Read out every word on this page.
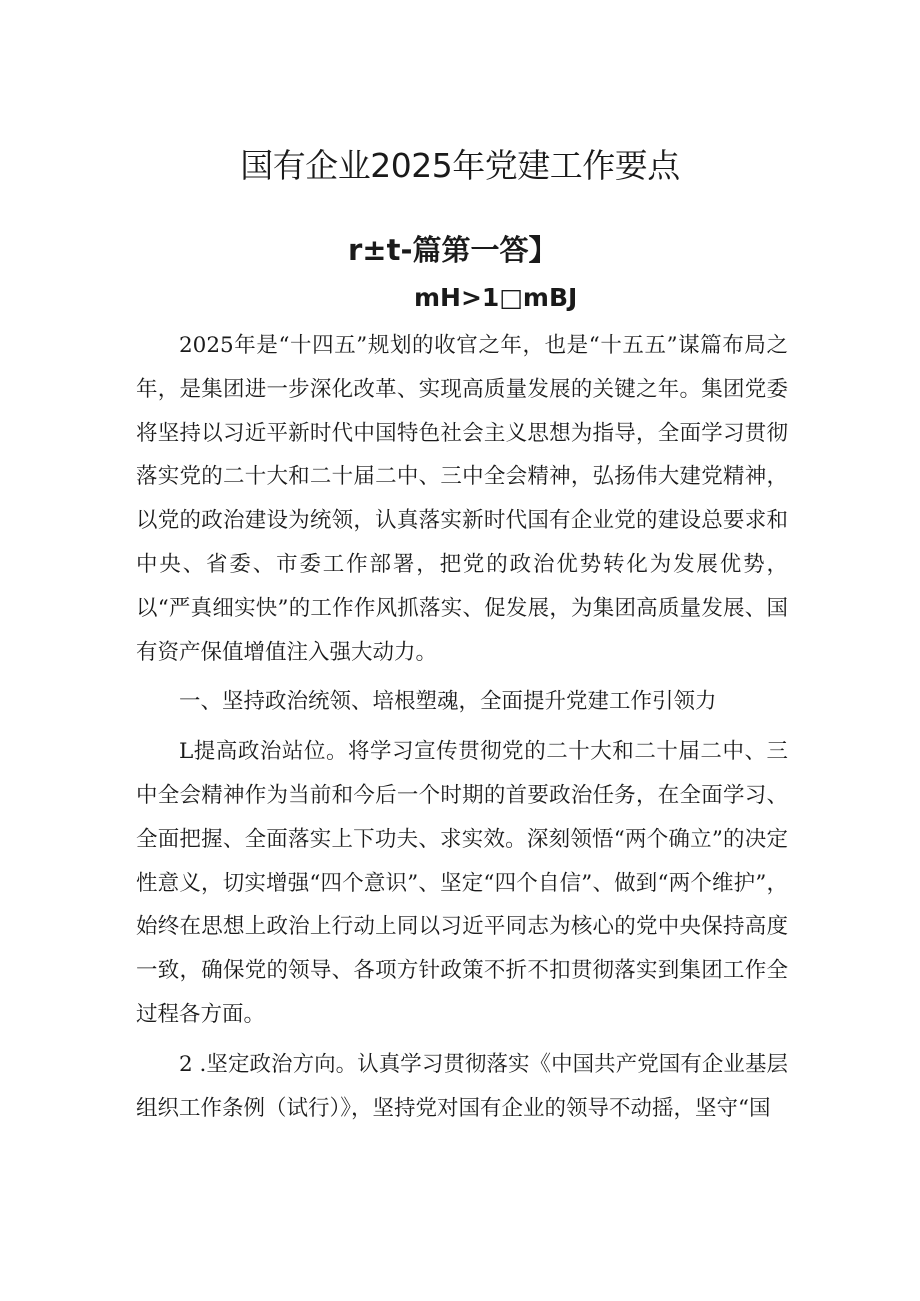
国有企业2025年党建工作要点
r±t-篇第一答】
mH>1□mBJ

2025年是“十四五”规划的收官之年，也是“十五五”谋篇布局之年，是集团进一步深化改革、实现高质量发展的关键之年。集团党委将坚持以习近平新时代中国特色社会主义思想为指导，全面学习贯彻落实党的二十大和二十届二中、三中全会精神，弘扬伟大建党精神，以党的政治建设为统领，认真落实新时代国有企业党的建设总要求和中央、省委、市委工作部署，把党的政治优势转化为发展优势，以“严真细实快”的工作作风抓落实、促发展，为集团高质量发展、国有资产保值增值注入强大动力。

一、坚持政治统领、培根塑魂，全面提升党建工作引领力

L提高政治站位。将学习宣传贯彻党的二十大和二十届二中、三中全会精神作为当前和今后一个时期的首要政治任务，在全面学习、全面把握、全面落实上下功夫、求实效。深刻领悟“两个确立”的决定性意义，切实增强“四个意识”、坚定“四个自信”、做到“两个维护”，始终在思想上政治上行动上同以习近平同志为核心的党中央保持高度一致，确保党的领导、各项方针政策不折不扣贯彻落实到集团工作全过程各方面。

2 .坚定政治方向。认真学习贯彻落实《中国共产党国有企业基层组织工作条例（试行）》，坚持党对国有企业的领导不动摇，坚守“国
